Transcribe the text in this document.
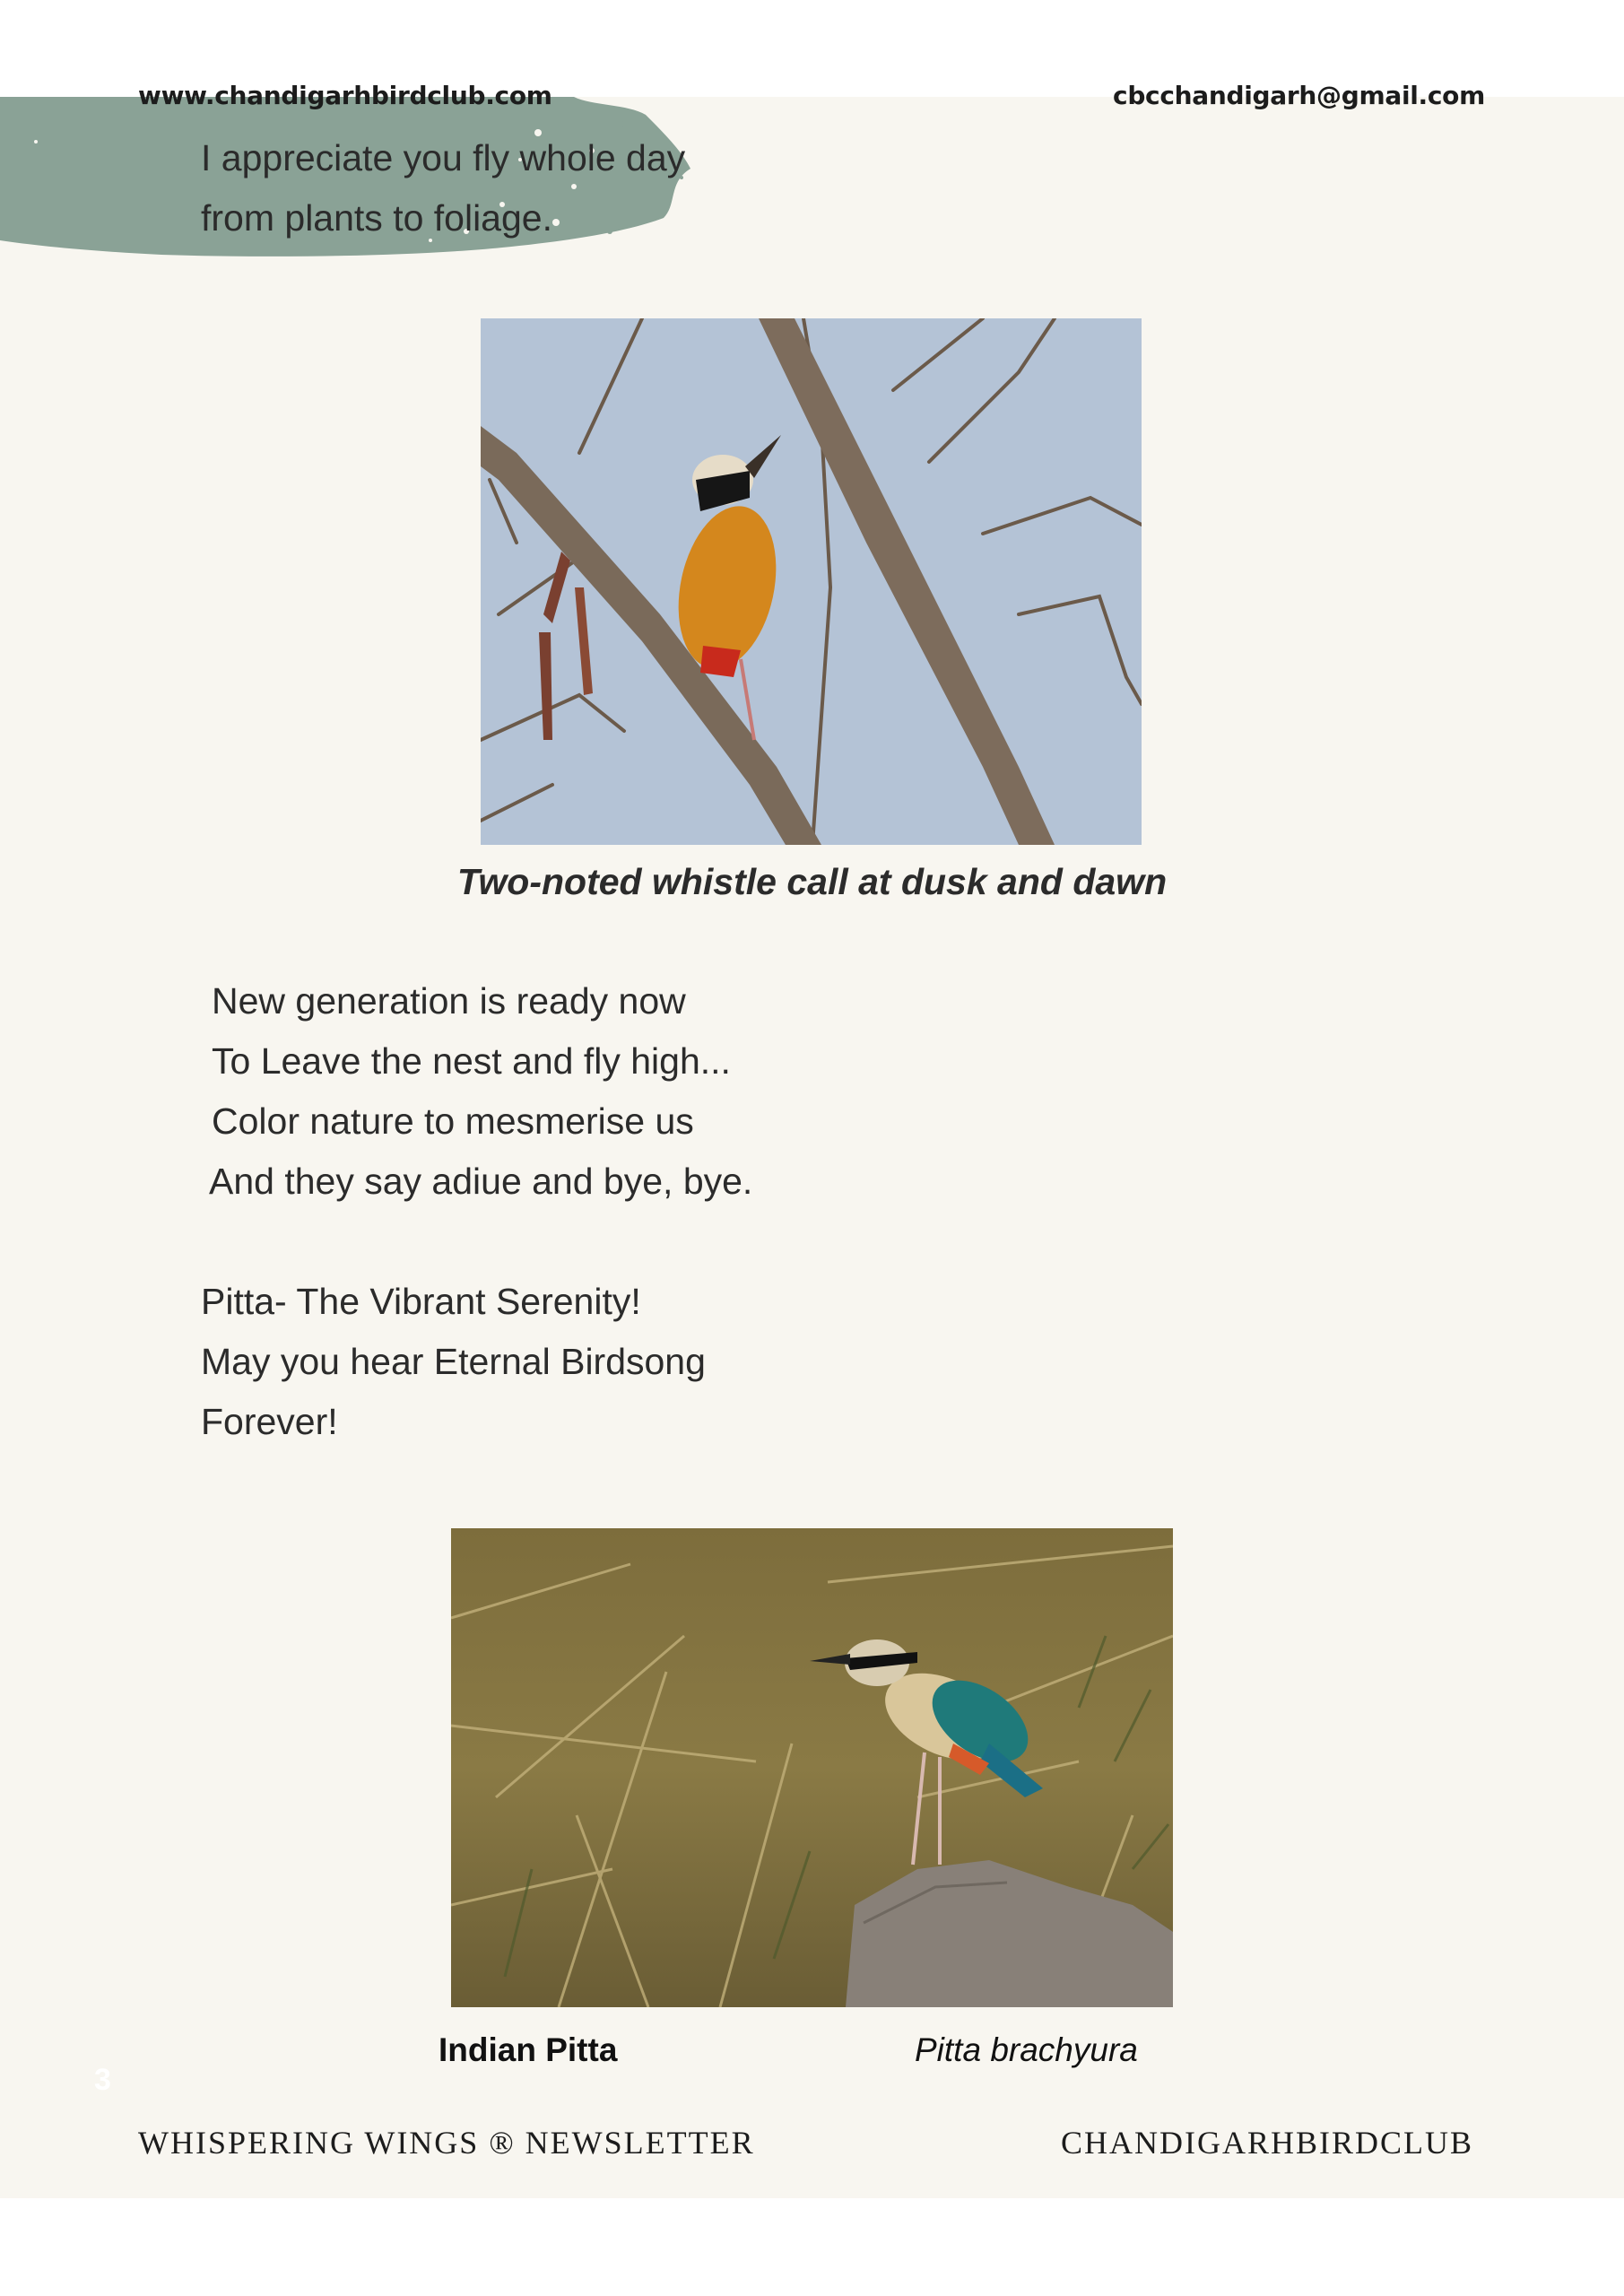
www.chandigarhbirdclub.com	cbcchandigarh@gmail.com
I appreciate you fly whole day
from plants to foliage.
Two-noted whistle call at dusk and dawn
New generation is ready now
To Leave the nest and fly high...
Color nature to mesmerise us
And they say adiue and bye, bye.
Pitta- The Vibrant Serenity!
May you hear Eternal Birdsong
Forever!
Indian Pitta	Pitta brachyura
3
WHISPERING WINGS ® NEWSLETTER	CHANDIGARHBIRDCLUB
